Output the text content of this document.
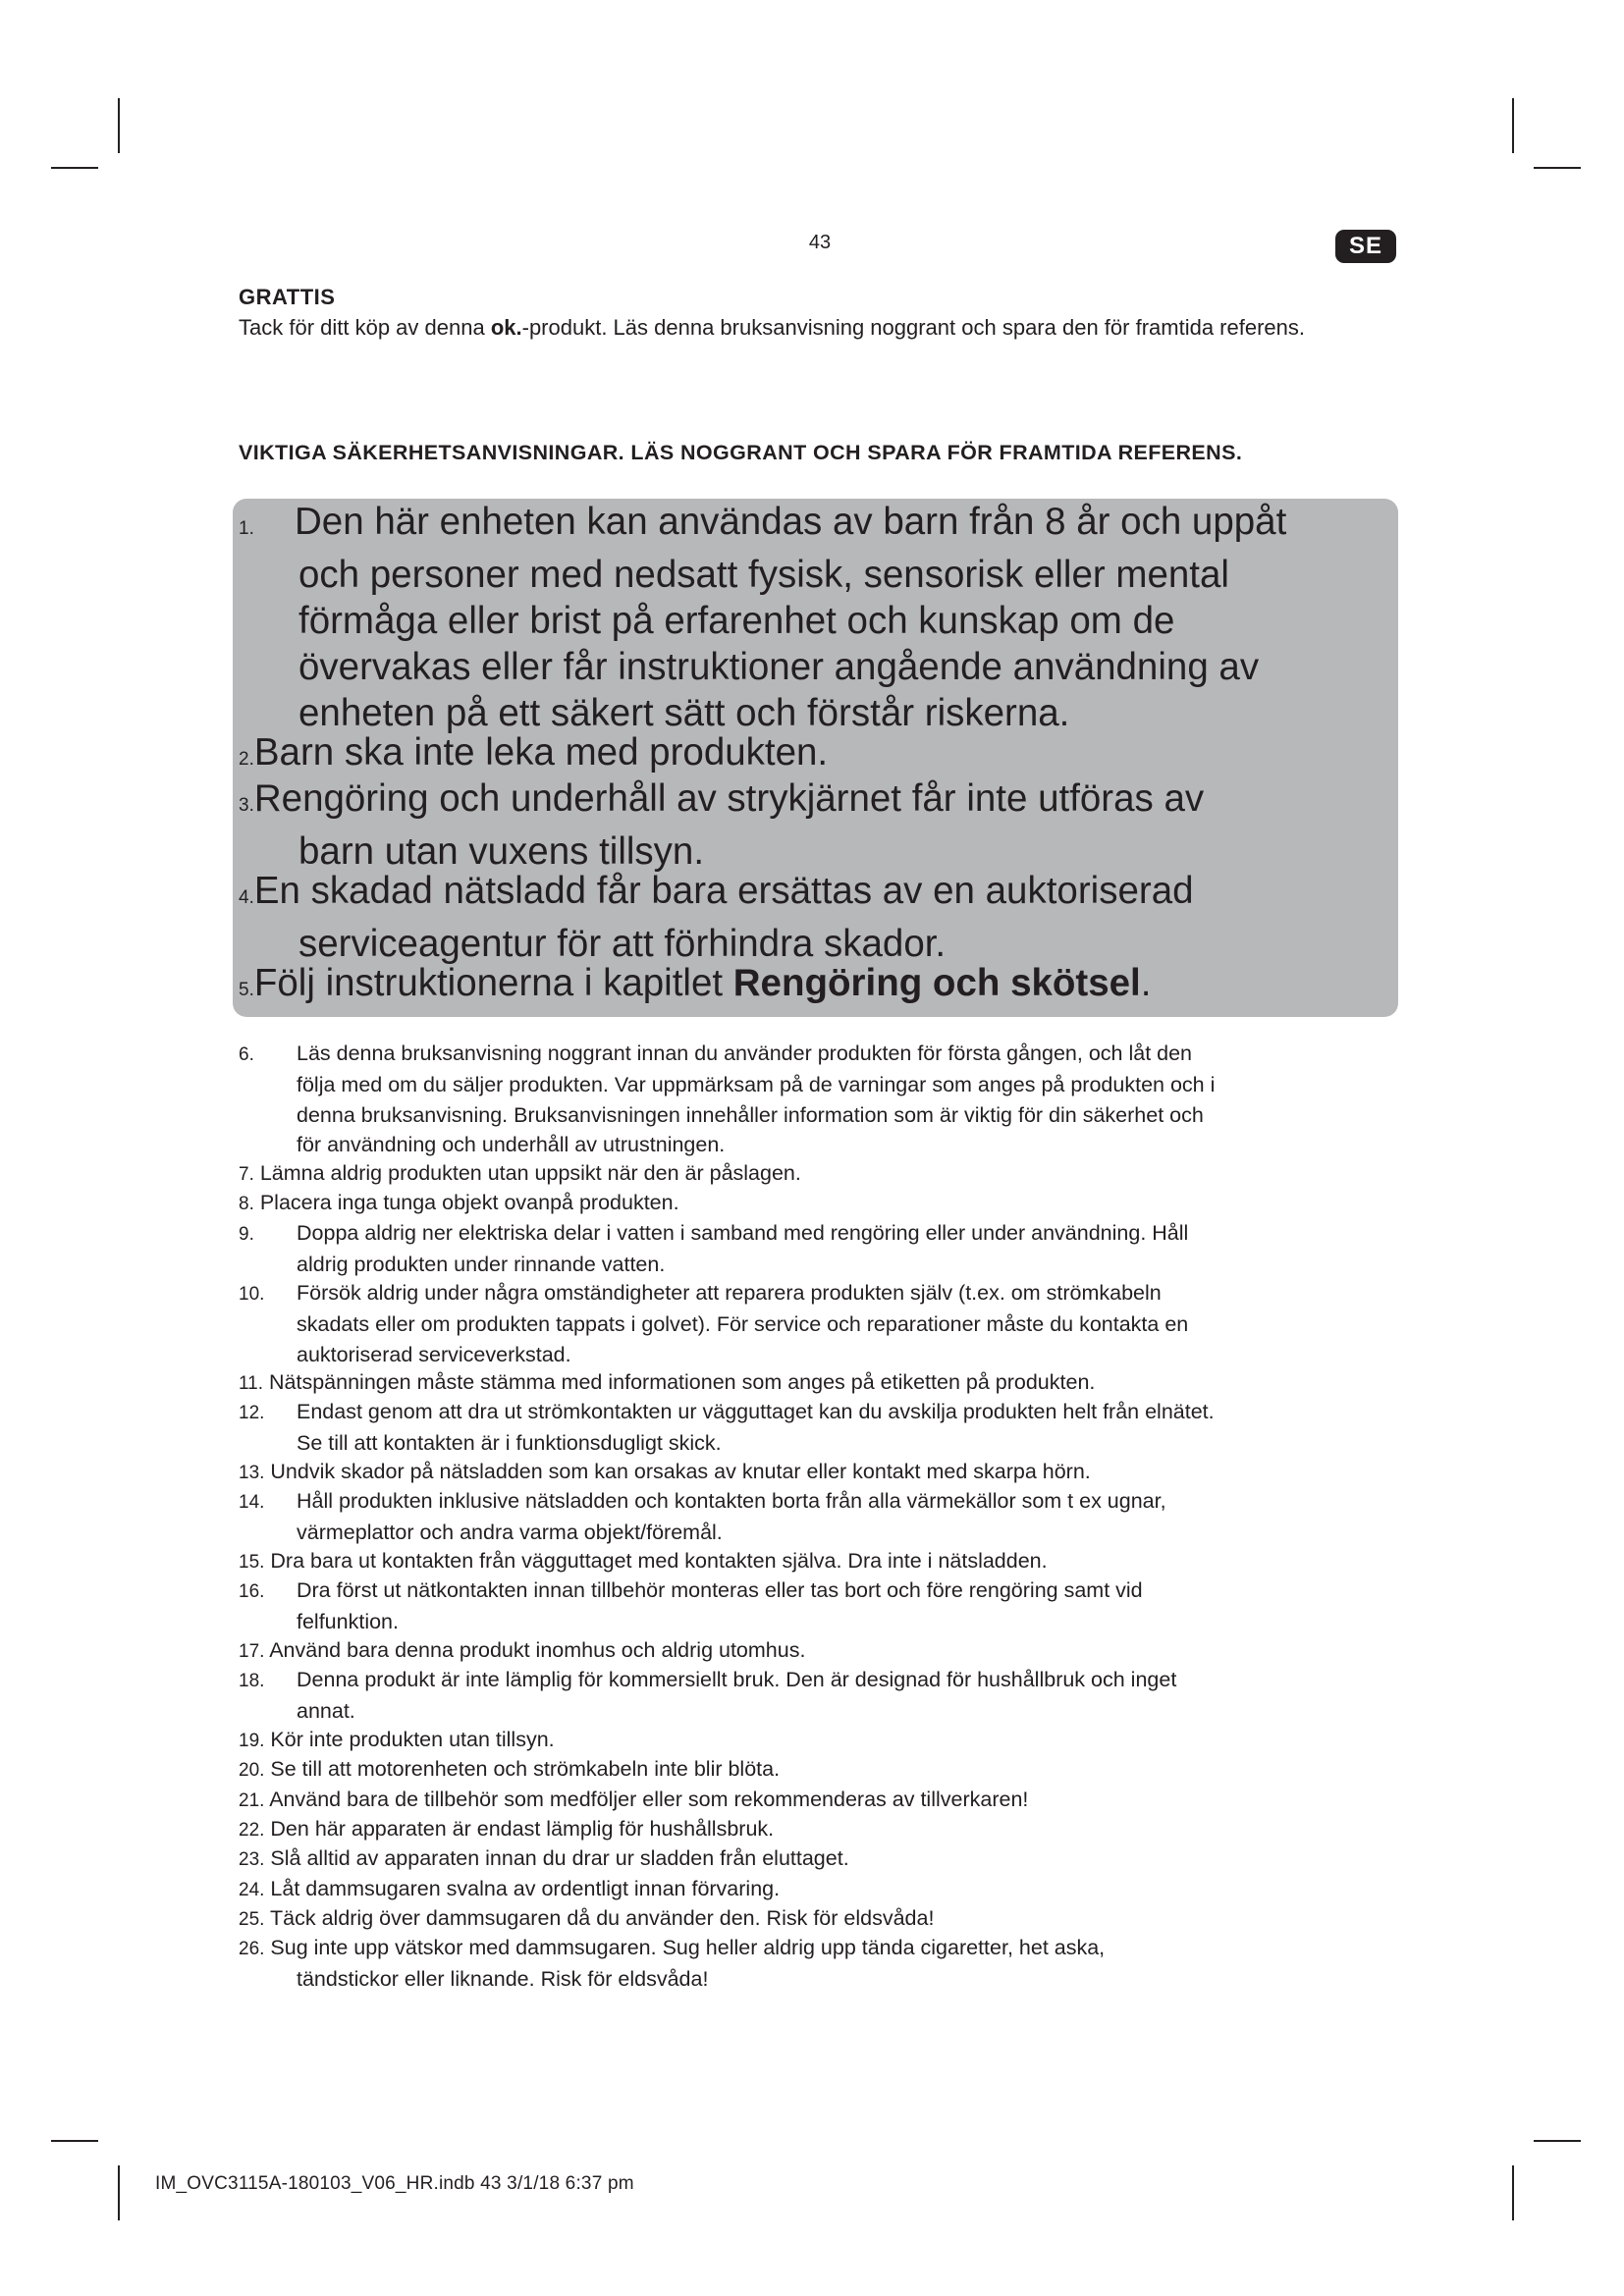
43	SE
GRATTIS
Tack för ditt köp av denna ok.-produkt. Läs denna bruksanvisning noggrant och spara den för framtida referens.
VIKTIGA SÄKERHETSANVISNINGAR. LÄS NOGGRANT OCH SPARA FÖR FRAMTIDA REFERENS.
1. Den här enheten kan användas av barn från 8 år och uppåt
och personer med nedsatt fysisk, sensorisk eller mental
förmåga eller brist på erfarenhet och kunskap om de
övervakas eller får instruktioner angående användning av
enheten på ett säkert sätt och förstår riskerna.
2.Barn ska inte leka med produkten.
3.Rengöring och underhåll av strykjärnet får inte utföras av
barn utan vuxens tillsyn.
4.En skadad nätsladd får bara ersättas av en auktoriserad
serviceagentur för att förhindra skador.
5.Följ instruktionerna i kapitlet Rengöring och skötsel.
6. Läs denna bruksanvisning noggrant innan du använder produkten för första gången, och låt den
följa med om du säljer produkten. Var uppmärksam på de varningar som anges på produkten och i
denna bruksanvisning. Bruksanvisningen innehåller information som är viktig för din säkerhet och
för användning och underhåll av utrustningen.
7. Lämna aldrig produkten utan uppsikt när den är påslagen.
8. Placera inga tunga objekt ovanpå produkten.
9. Doppa aldrig ner elektriska delar i vatten i samband med rengöring eller under användning. Håll
aldrig produkten under rinnande vatten.
10. Försök aldrig under några omständigheter att reparera produkten själv (t.ex. om strömkabeln
skadats eller om produkten tappats i golvet). För service och reparationer måste du kontakta en
auktoriserad serviceverkstad.
11. Nätspänningen måste stämma med informationen som anges på etiketten på produkten.
12. Endast genom att dra ut strömkontakten ur vägguttaget kan du avskilja produkten helt från elnätet.
Se till att kontakten är i funktionsdugligt skick.
13. Undvik skador på nätsladden som kan orsakas av knutar eller kontakt med skarpa hörn.
14. Håll produkten inklusive nätsladden och kontakten borta från alla värmekällor som t ex ugnar,
värmeplattor och andra varma objekt/föremål.
15. Dra bara ut kontakten från vägguttaget med kontakten själva. Dra inte i nätsladden.
16. Dra först ut nätkontakten innan tillbehör monteras eller tas bort och före rengöring samt vid
felfunktion.
17. Använd bara denna produkt inomhus och aldrig utomhus.
18. Denna produkt är inte lämplig för kommersiellt bruk. Den är designad för hushållbruk och inget
annat.
19. Kör inte produkten utan tillsyn.
20. Se till att motorenheten och strömkabeln inte blir blöta.
21. Använd bara de tillbehör som medföljer eller som rekommenderas av tillverkaren!
22. Den här apparaten är endast lämplig för hushållsbruk.
23. Slå alltid av apparaten innan du drar ur sladden från eluttaget.
24. Låt dammsugaren svalna av ordentligt innan förvaring.
25. Täck aldrig över dammsugaren då du använder den. Risk för eldsvåda!
26. Sug inte upp vätskor med dammsugaren. Sug heller aldrig upp tända cigaretter, het aska,
tändstickor eller liknande. Risk för eldsvåda!
IM_OVC3115A-180103_V06_HR.indb 43 3/1/18 6:37 pm
